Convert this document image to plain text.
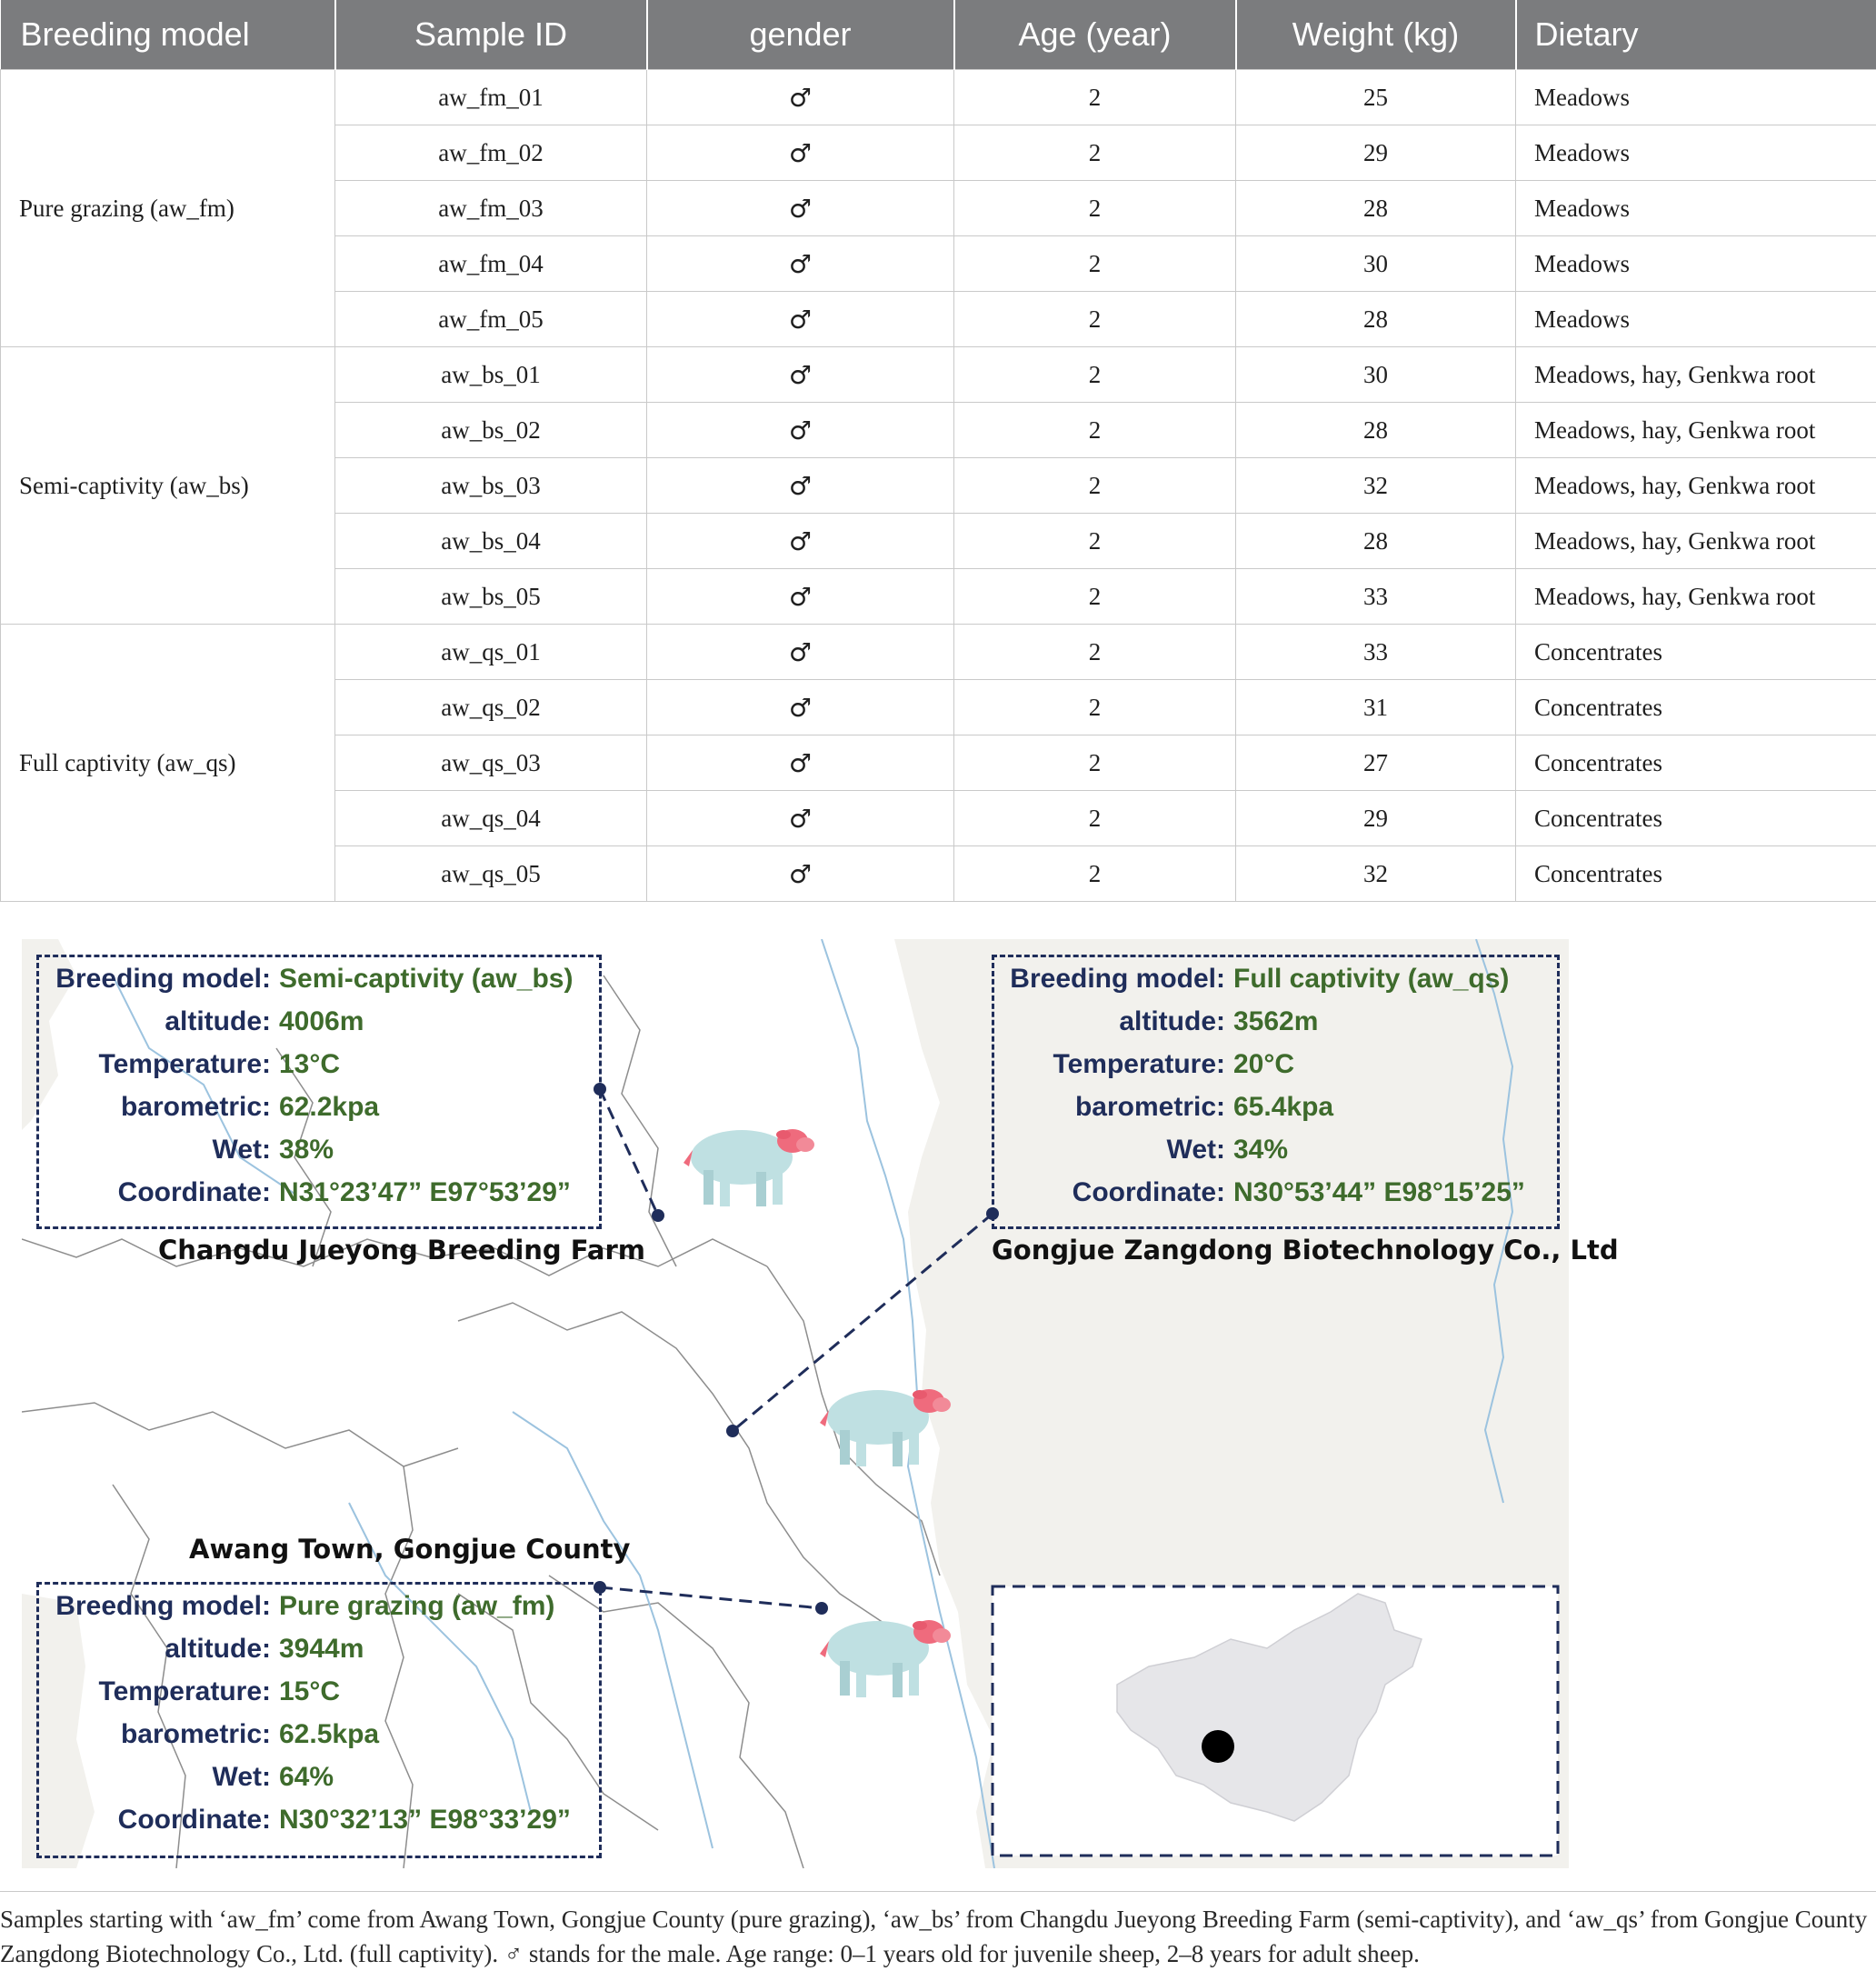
Breeding model	Sample ID	gender	Age (year)	Weight (kg)	Dietary
Pure grazing (aw_fm)	aw_fm_01	♂	2	25	Meadows
	aw_fm_02	♂	2	29	Meadows
	aw_fm_03	♂	2	28	Meadows
	aw_fm_04	♂	2	30	Meadows
	aw_fm_05	♂	2	28	Meadows
Semi-captivity (aw_bs)	aw_bs_01	♂	2	30	Meadows, hay, Genkwa root
	aw_bs_02	♂	2	28	Meadows, hay, Genkwa root
	aw_bs_03	♂	2	32	Meadows, hay, Genkwa root
	aw_bs_04	♂	2	28	Meadows, hay, Genkwa root
	aw_bs_05	♂	2	33	Meadows, hay, Genkwa root
Full captivity (aw_qs)	aw_qs_01	♂	2	33	Concentrates
	aw_qs_02	♂	2	31	Concentrates
	aw_qs_03	♂	2	27	Concentrates
	aw_qs_04	♂	2	29	Concentrates
	aw_qs_05	♂	2	32	Concentrates
Breeding model: Semi-captivity (aw_bs)
altitude: 4006m
Temperature: 13°C
barometric: 62.2kpa
Wet: 38%
Coordinate: N31°23’47” E97°53’29”
Breeding model: Full captivity (aw_qs)
altitude: 3562m
Temperature: 20°C
barometric: 65.4kpa
Wet: 34%
Coordinate: N30°53’44” E98°15’25”
Breeding model: Pure grazing (aw_fm)
altitude: 3944m
Temperature: 15°C
barometric: 62.5kpa
Wet: 64%
Coordinate: N30°32’13” E98°33’29”
Changdu Jueyong Breeding Farm	Gongjue Zangdong Biotechnology Co., Ltd
Awang Town, Gongjue County

Samples starting with ‘aw_fm’ come from Awang Town, Gongjue County (pure grazing), ‘aw_bs’ from Changdu Jueyong Breeding Farm (semi-captivity), and ‘aw_qs’ from Gongjue County

Zangdong Biotechnology Co., Ltd. (full captivity). ♂ stands for the male. Age range: 0–1 years old for juvenile sheep, 2–8 years for adult sheep.
